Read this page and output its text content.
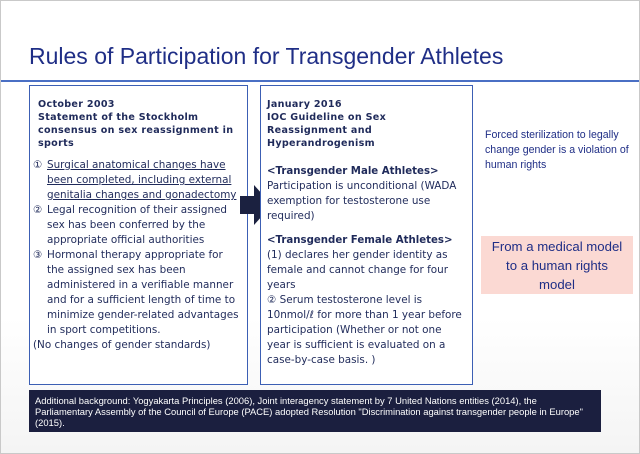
Rules of Participation for Transgender Athletes
October 2003
Statement of the Stockholm consensus on sex reassignment in sports
① Surgical anatomical changes have been completed, including external genitalia changes and gonadectomy
② Legal recognition of their assigned sex has been conferred by the appropriate official authorities
③ Hormonal therapy appropriate for the assigned sex has been administered in a verifiable manner and for a sufficient length of time to minimize gender-related advantages in sport competitions.
(No changes of gender standards)
January 2016
IOC Guideline on Sex Reassignment and Hyperandrogenism
<Transgender Male Athletes>
Participation is unconditional (WADA exemption for testosterone use required)
<Transgender Female Athletes>
(1) declares her gender identity as female and cannot change for four years
② Serum testosterone level is 10nmol/ℓ for more than 1 year before participation (Whether or not one year is sufficient is evaluated on a case-by-case basis. )
Forced sterilization to legally change gender is a violation of human rights
From a medical model to a human rights model
Additional background: Yogyakarta Principles (2006), Joint interagency statement by 7 United Nations entities (2014), the Parliamentary Assembly of the Council of Europe (PACE) adopted Resolution "Discrimination against transgender people in Europe" (2015).
